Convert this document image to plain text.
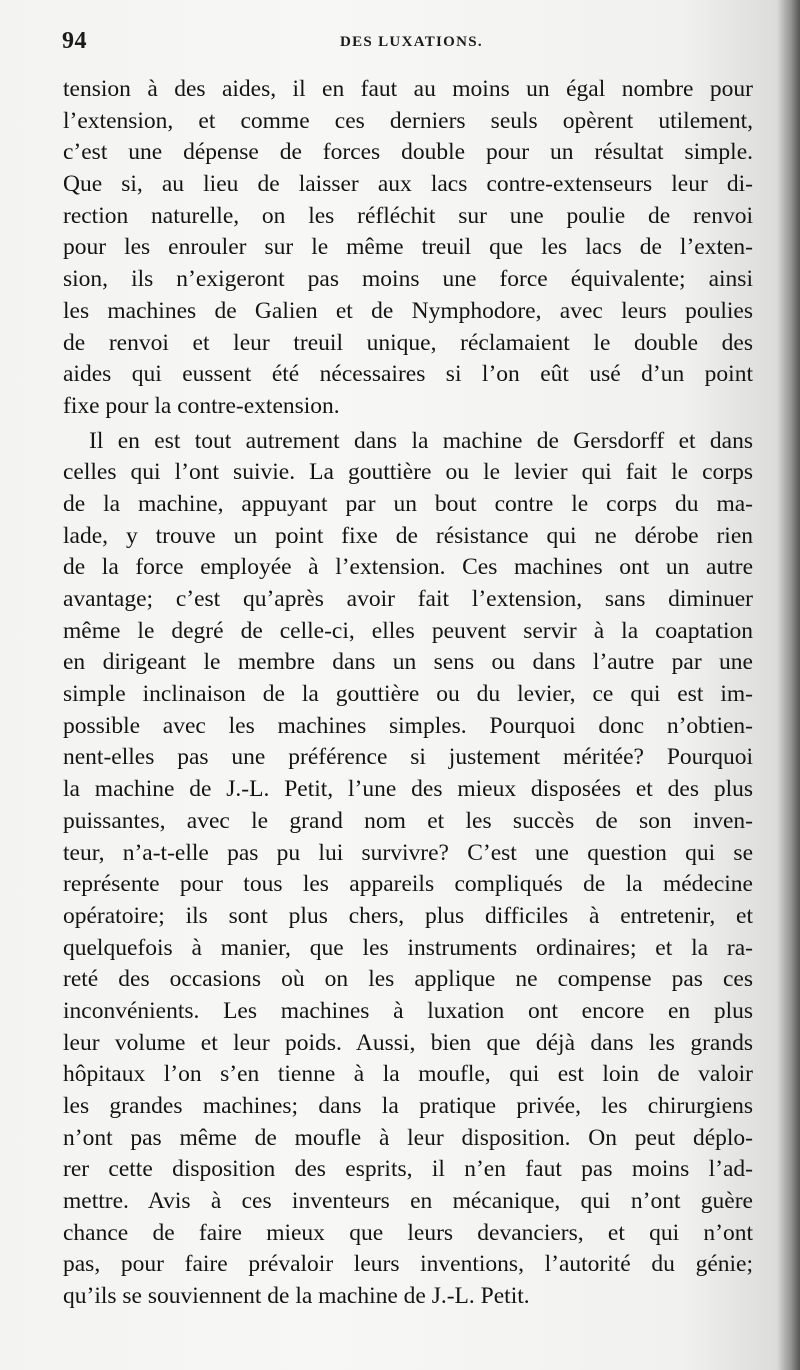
94	DES LUXATIONS.
tension à des aides, il en faut au moins un égal nombre pour
l’extension, et comme ces derniers seuls opèrent utilement,
c’est une dépense de forces double pour un résultat simple.
Que si, au lieu de laisser aux lacs contre-extenseurs leur di-
rection naturelle, on les réfléchit sur une poulie de renvoi
pour les enrouler sur le même treuil que les lacs de l’exten-
sion, ils n’exigeront pas moins une force équivalente; ainsi
les machines de Galien et de Nymphodore, avec leurs poulies
de renvoi et leur treuil unique, réclamaient le double des
aides qui eussent été nécessaires si l’on eût usé d’un point
fixe pour la contre-extension.
Il en est tout autrement dans la machine de Gersdorff et dans
celles qui l’ont suivie. La gouttière ou le levier qui fait le corps
de la machine, appuyant par un bout contre le corps du ma-
lade, y trouve un point fixe de résistance qui ne dérobe rien
de la force employée à l’extension. Ces machines ont un autre
avantage; c’est qu’après avoir fait l’extension, sans diminuer
même le degré de celle-ci, elles peuvent servir à la coaptation
en dirigeant le membre dans un sens ou dans l’autre par une
simple inclinaison de la gouttière ou du levier, ce qui est im-
possible avec les machines simples. Pourquoi donc n’obtien-
nent-elles pas une préférence si justement méritée? Pourquoi
la machine de J.-L. Petit, l’une des mieux disposées et des plus
puissantes, avec le grand nom et les succès de son inven-
teur, n’a-t-elle pas pu lui survivre? C’est une question qui se
représente pour tous les appareils compliqués de la médecine
opératoire; ils sont plus chers, plus difficiles à entretenir, et
quelquefois à manier, que les instruments ordinaires; et la ra-
reté des occasions où on les applique ne compense pas ces
inconvénients. Les machines à luxation ont encore en plus
leur volume et leur poids. Aussi, bien que déjà dans les grands
hôpitaux l’on s’en tienne à la moufle, qui est loin de valoir
les grandes machines; dans la pratique privée, les chirurgiens
n’ont pas même de moufle à leur disposition. On peut déplo-
rer cette disposition des esprits, il n’en faut pas moins l’ad-
mettre. Avis à ces inventeurs en mécanique, qui n’ont guère
chance de faire mieux que leurs devanciers, et qui n’ont
pas, pour faire prévaloir leurs inventions, l’autorité du génie;
qu’ils se souviennent de la machine de J.-L. Petit.
